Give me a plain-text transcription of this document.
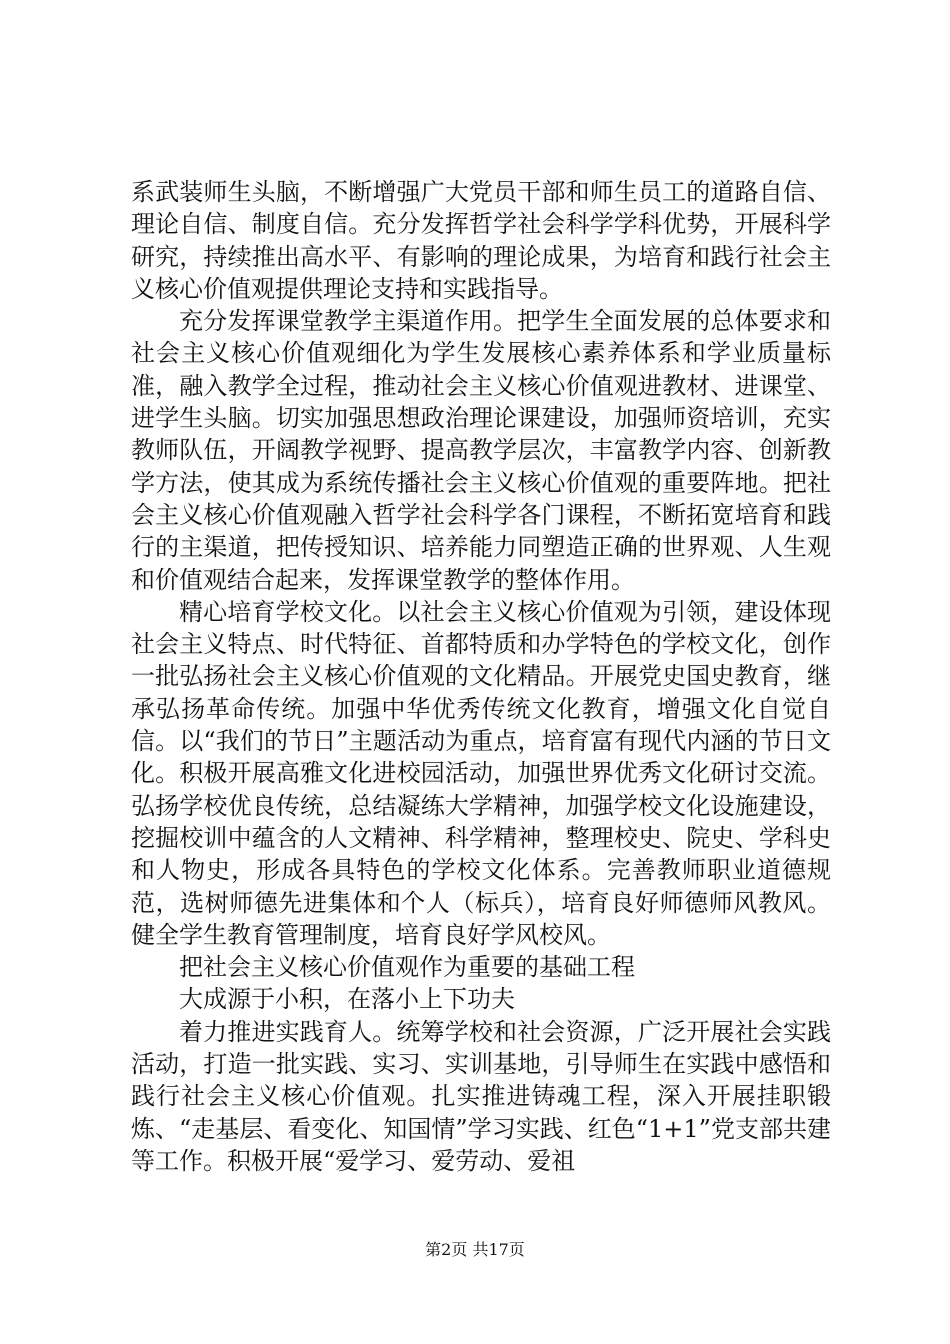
系武装师生头脑，不断增强广大党员干部和师生员工的道路自信、理论自信、制度自信。充分发挥哲学社会科学学科优势，开展科学研究，持续推出高水平、有影响的理论成果，为培育和践行社会主义核心价值观提供理论支持和实践指导。

充分发挥课堂教学主渠道作用。把学生全面发展的总体要求和社会主义核心价值观细化为学生发展核心素养体系和学业质量标准，融入教学全过程，推动社会主义核心价值观进教材、进课堂、进学生头脑。切实加强思想政治理论课建设，加强师资培训，充实教师队伍，开阔教学视野、提高教学层次，丰富教学内容、创新教学方法，使其成为系统传播社会主义核心价值观的重要阵地。把社会主义核心价值观融入哲学社会科学各门课程，不断拓宽培育和践行的主渠道，把传授知识、培养能力同塑造正确的世界观、人生观和价值观结合起来，发挥课堂教学的整体作用。

精心培育学校文化。以社会主义核心价值观为引领，建设体现社会主义特点、时代特征、首都特质和办学特色的学校文化，创作一批弘扬社会主义核心价值观的文化精品。开展党史国史教育，继承弘扬革命传统。加强中华优秀传统文化教育，增强文化自觉自信。以“我们的节日”主题活动为重点，培育富有现代内涵的节日文化。积极开展高雅文化进校园活动，加强世界优秀文化研讨交流。弘扬学校优良传统，总结凝练大学精神，加强学校文化设施建设，挖掘校训中蕴含的人文精神、科学精神，整理校史、院史、学科史和人物史，形成各具特色的学校文化体系。完善教师职业道德规范，选树师德先进集体和个人（标兵），培育良好师德师风教风。健全学生教育管理制度，培育良好学风校风。

把社会主义核心价值观作为重要的基础工程

大成源于小积，在落小上下功夫

着力推进实践育人。统筹学校和社会资源，广泛开展社会实践活动，打造一批实践、实习、实训基地，引导师生在实践中感悟和践行社会主义核心价值观。扎实推进铸魂工程，深入开展挂职锻炼、“走基层、看变化、知国情”学习实践、红色“1+1”党支部共建等工作。积极开展“爱学习、爱劳动、爱祖

第2页 共17页
